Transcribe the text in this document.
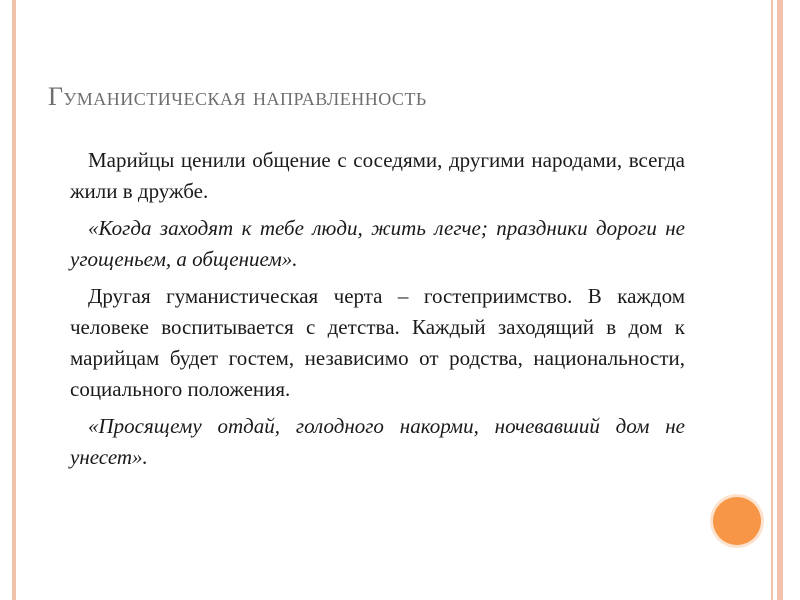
Гуманистическая направленность

Марийцы ценили общение с соседями, другими народами, всегда жили в дружбе.

«Когда заходят к тебе люди, жить легче; праздники дороги не угощеньем, а общением».

Другая гуманистическая черта – гостеприимство. В каждом человеке воспитывается с детства. Каждый заходящий в дом к марийцам будет гостем, независимо от родства, национальности, социального положения.

«Просящему отдай, голодного накорми, ночевавший дом не унесет».
